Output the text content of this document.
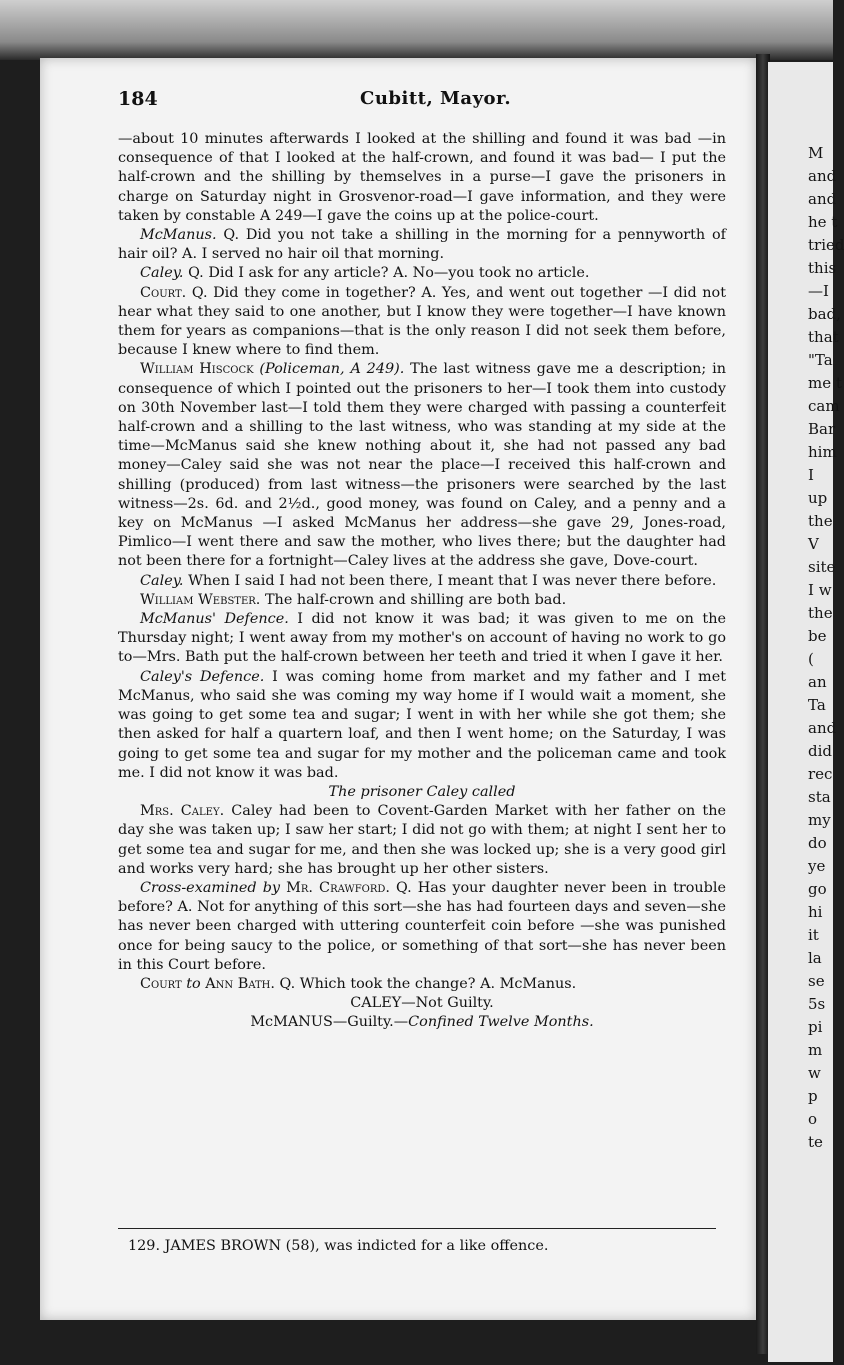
M
and
and
he t
tried
this
—I
bad,
that
"Ta
me t
cam
Bar
him
I
up
the
V
site
I w
the
be
(
an
Ta
and
did
rec
sta
my
do
ye
go
hi
it
la
se
5s
pi
m
w
p
o
te
184	Cubitt, Mayor.

—about 10 minutes afterwards I looked at the shilling and found it was bad —in consequence of that I looked at the half-crown, and found it was bad— I put the half-crown and the shilling by themselves in a purse—I gave the prisoners in charge on Saturday night in Grosvenor-road—I gave information, and they were taken by constable A 249—I gave the coins up at the police-court.

McManus. Q. Did you not take a shilling in the morning for a pennyworth of hair oil? A. I served no hair oil that morning.

Caley. Q. Did I ask for any article? A. No—you took no article.

Court. Q. Did they come in together? A. Yes, and went out together —I did not hear what they said to one another, but I know they were together—I have known them for years as companions—that is the only reason I did not seek them before, because I knew where to find them.

William Hiscock (Policeman, A 249). The last witness gave me a description; in consequence of which I pointed out the prisoners to her—I took them into custody on 30th November last—I told them they were charged with passing a counterfeit half-crown and a shilling to the last witness, who was standing at my side at the time—McManus said she knew nothing about it, she had not passed any bad money—Caley said she was not near the place—I received this half-crown and shilling (produced) from last witness—the prisoners were searched by the last witness—2s. 6d. and 2½d., good money, was found on Caley, and a penny and a key on McManus —I asked McManus her address—she gave 29, Jones-road, Pimlico—I went there and saw the mother, who lives there; but the daughter had not been there for a fortnight—Caley lives at the address she gave, Dove-court.

Caley. When I said I had not been there, I meant that I was never there before.

William Webster. The half-crown and shilling are both bad.

McManus' Defence. I did not know it was bad; it was given to me on the Thursday night; I went away from my mother's on account of having no work to go to—Mrs. Bath put the half-crown between her teeth and tried it when I gave it her.

Caley's Defence. I was coming home from market and my father and I met McManus, who said she was coming my way home if I would wait a moment, she was going to get some tea and sugar; I went in with her while she got them; she then asked for half a quartern loaf, and then I went home; on the Saturday, I was going to get some tea and sugar for my mother and the policeman came and took me. I did not know it was bad.

The prisoner Caley called

Mrs. Caley. Caley had been to Covent-Garden Market with her father on the day she was taken up; I saw her start; I did not go with them; at night I sent her to get some tea and sugar for me, and then she was locked up; she is a very good girl and works very hard; she has brought up her other sisters.

Cross-examined by Mr. Crawford. Q. Has your daughter never been in trouble before? A. Not for anything of this sort—she has had fourteen days and seven—she has never been charged with uttering counterfeit coin before —she was punished once for being saucy to the police, or something of that sort—she has never been in this Court before.

Court to Ann Bath. Q. Which took the change? A. McManus.

CALEY—Not Guilty.

McMANUS—Guilty.—Confined Twelve Months.

129. JAMES BROWN (58), was indicted for a like offence.
